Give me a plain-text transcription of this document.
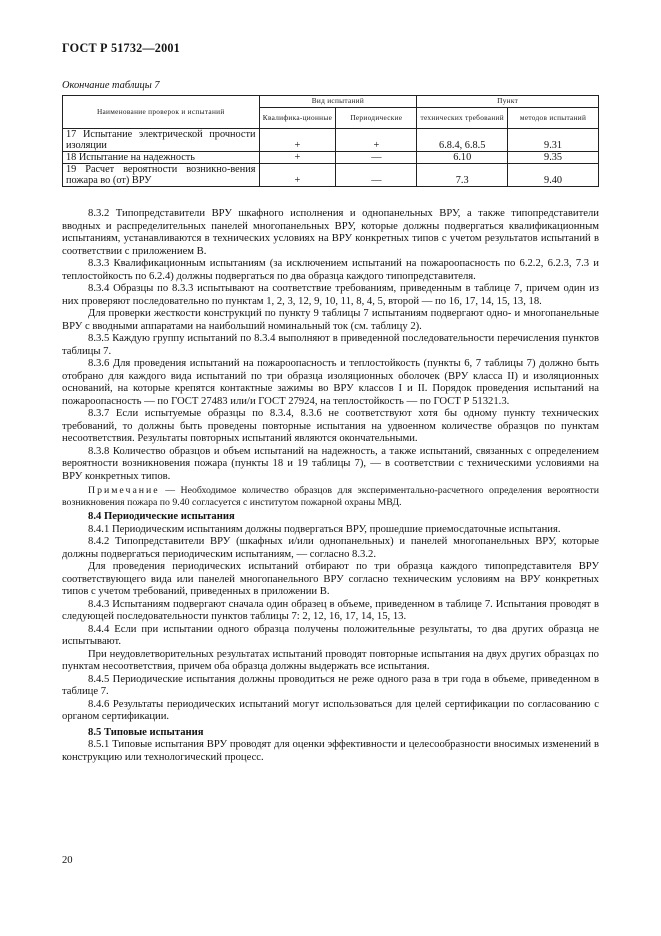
ГОСТ Р 51732—2001
Окончание таблицы 7
Наименование проверок и испытаний	Вид испытаний		Пункт	
	Квалифика-ционные	Периодические	технических требований	методов испытаний
17 Испытание электрической прочности изоляции	+	+	6.8.4, 6.8.5	9.31
18 Испытание на надежность	+	—	6.10	9.35
19 Расчет вероятности возникно-вения пожара во (от) ВРУ	+	—	7.3	9.40

8.3.2 Типопредставители ВРУ шкафного исполнения и однопанельных ВРУ, а также типопредставители вводных и распределительных панелей многопанельных ВРУ, которые должны подвергаться квалификационным испытаниям, устанавливаются в технических условиях на ВРУ конкретных типов с учетом результатов испытаний в соответствии с приложением В.

8.3.3 Квалификационным испытаниям (за исключением испытаний на пожароопасность по 6.2.2, 6.2.3, 7.3 и теплостойкость по 6.2.4) должны подвергаться по два образца каждого типопредставителя.

8.3.4 Образцы по 8.3.3 испытывают на соответствие требованиям, приведенным в таблице 7, причем один из них проверяют последовательно по пунктам 1, 2, 3, 12, 9, 10, 11, 8, 4, 5, второй — по 16, 17, 14, 15, 13, 18.

Для проверки жесткости конструкций по пункту 9 таблицы 7 испытаниям подвергают одно- и многопанельные ВРУ с вводными аппаратами на наибольший номинальный ток (см. таблицу 2).

8.3.5 Каждую группу испытаний по 8.3.4 выполняют в приведенной последовательности перечисления пунктов таблицы 7.

8.3.6 Для проведения испытаний на пожароопасность и теплостойкость (пункты 6, 7 таблицы 7) должно быть отобрано для каждого вида испытаний по три образца изоляционных оболочек (ВРУ класса II) и изоляционных оснований, на которые крепятся контактные зажимы во ВРУ классов I и II. Порядок проведения испытаний на пожароопасность — по ГОСТ 27483 или/и ГОСТ 27924, на теплостойкость — по ГОСТ Р 51321.3.

8.3.7 Если испытуемые образцы по 8.3.4, 8.3.6 не соответствуют хотя бы одному пункту технических требований, то должны быть проведены повторные испытания на удвоенном количестве образцов по пунктам несоответствия. Результаты повторных испытаний являются окончательными.

8.3.8 Количество образцов и объем испытаний на надежность, а также испытаний, связанных с определением вероятности возникновения пожара (пункты 18 и 19 таблицы 7), — в соответствии с техническими условиями на ВРУ конкретных типов.

Примечание — Необходимое количество образцов для экспериментально-расчетного определения вероятности возникновения пожара по 9.40 согласуется с институтом пожарной охраны МВД.

8.4 Периодические испытания

8.4.1 Периодическим испытаниям должны подвергаться ВРУ, прошедшие приемосдаточные испытания.

8.4.2 Типопредставители ВРУ (шкафных и/или однопанельных) и панелей многопанельных ВРУ, которые должны подвергаться периодическим испытаниям, — согласно 8.3.2.

Для проведения периодических испытаний отбирают по три образца каждого типопредставителя ВРУ соответствующего вида или панелей многопанельного ВРУ согласно техническим условиям на ВРУ конкретных типов с учетом требований, приведенных в приложении В.

8.4.3 Испытаниям подвергают сначала один образец в объеме, приведенном в таблице 7. Испытания проводят в следующей последовательности пунктов таблицы 7: 2, 12, 16, 17, 14, 15, 13.

8.4.4 Если при испытании одного образца получены положительные результаты, то два других образца не испытывают.

При неудовлетворительных результатах испытаний проводят повторные испытания на двух других образцах по пунктам несоответствия, причем оба образца должны выдержать все испытания.

8.4.5 Периодические испытания должны проводиться не реже одного раза в три года в объеме, приведенном в таблице 7.

8.4.6 Результаты периодических испытаний могут использоваться для целей сертификации по согласованию с органом сертификации.

8.5 Типовые испытания

8.5.1 Типовые испытания ВРУ проводят для оценки эффективности и целесообразности вносимых изменений в конструкцию или технологический процесс.

20
